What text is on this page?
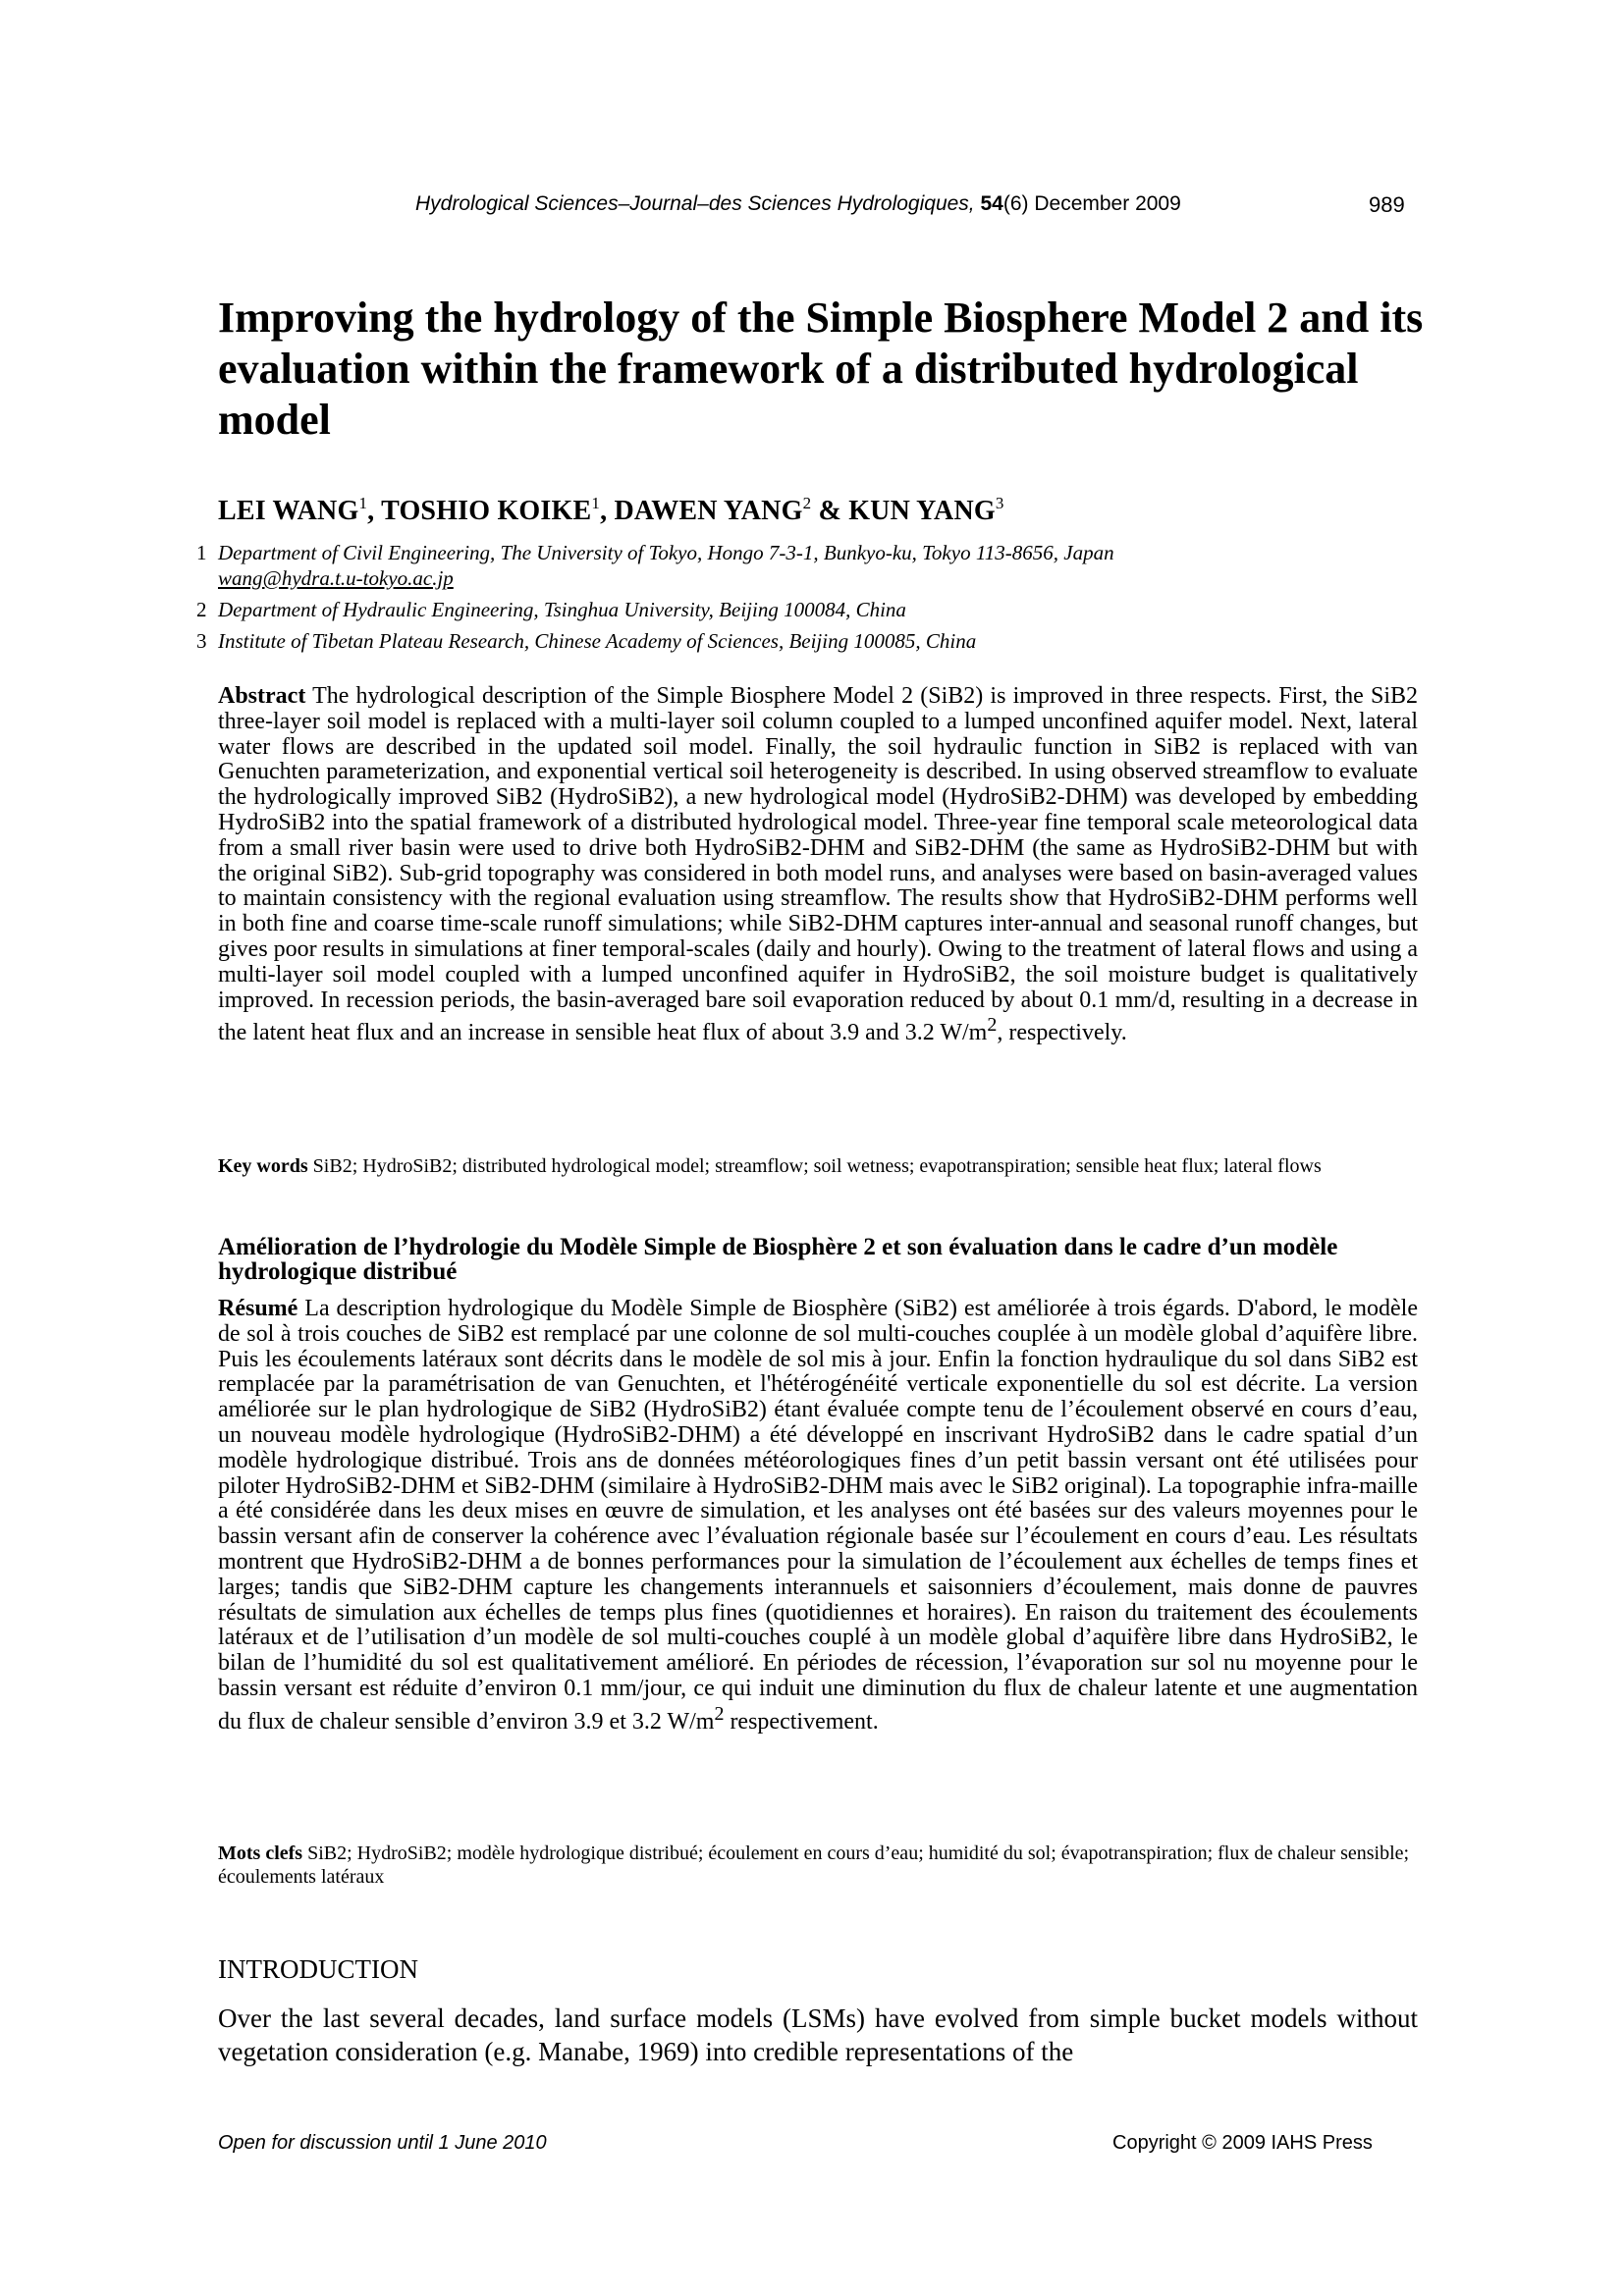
Hydrological Sciences–Journal–des Sciences Hydrologiques, 54(6) December 2009	989
Improving the hydrology of the Simple Biosphere Model 2 and its evaluation within the framework of a distributed hydrological model
LEI WANG$^1$, TOSHIO KOIKE$^1$, DAWEN YANG$^2$ & KUN YANG$^3$
1 Department of Civil Engineering, The University of Tokyo, Hongo 7-3-1, Bunkyo-ku, Tokyo 113-8656, Japan
wang@hydra.t.u-tokyo.ac.jp
2 Department of Hydraulic Engineering, Tsinghua University, Beijing 100084, China
3 Institute of Tibetan Plateau Research, Chinese Academy of Sciences, Beijing 100085, China
Abstract The hydrological description of the Simple Biosphere Model 2 (SiB2) is improved in three respects. First, the SiB2 three-layer soil model is replaced with a multi-layer soil column coupled to a lumped unconfined aquifer model. Next, lateral water flows are described in the updated soil model. Finally, the soil hydraulic function in SiB2 is replaced with van Genuchten parameterization, and exponential vertical soil heterogeneity is described. In using observed streamflow to evaluate the hydrologically improved SiB2 (HydroSiB2), a new hydrological model (HydroSiB2-DHM) was developed by embedding HydroSiB2 into the spatial framework of a distributed hydrological model. Three-year fine temporal scale meteorological data from a small river basin were used to drive both HydroSiB2-DHM and SiB2-DHM (the same as HydroSiB2-DHM but with the original SiB2). Sub-grid topography was considered in both model runs, and analyses were based on basin-averaged values to maintain consistency with the regional evaluation using streamflow. The results show that HydroSiB2-DHM performs well in both fine and coarse time-scale runoff simulations; while SiB2-DHM captures inter-annual and seasonal runoff changes, but gives poor results in simulations at finer temporal-scales (daily and hourly). Owing to the treatment of lateral flows and using a multi-layer soil model coupled with a lumped unconfined aquifer in HydroSiB2, the soil moisture budget is qualitatively improved. In recession periods, the basin-averaged bare soil evaporation reduced by about 0.1 mm/d, resulting in a decrease in the latent heat flux and an increase in sensible heat flux of about 3.9 and 3.2 $W/m^2$, respectively.
Key words SiB2; HydroSiB2; distributed hydrological model; streamflow; soil wetness; evapotranspiration; sensible heat flux; lateral flows
Amélioration de l’hydrologie du Modèle Simple de Biosphère 2 et son évaluation dans le cadre d’un modèle hydrologique distribué
Résumé La description hydrologique du Modèle Simple de Biosphère (SiB2) est améliorée à trois égards. D'abord, le modèle de sol à trois couches de SiB2 est remplacé par une colonne de sol multi-couches couplée à un modèle global d’aquifère libre. Puis les écoulements latéraux sont décrits dans le modèle de sol mis à jour. Enfin la fonction hydraulique du sol dans SiB2 est remplacée par la paramétrisation de van Genuchten, et l'hétérogénéité verticale exponentielle du sol est décrite. La version améliorée sur le plan hydrologique de SiB2 (HydroSiB2) étant évaluée compte tenu de l’écoulement observé en cours d’eau, un nouveau modèle hydrologique (HydroSiB2-DHM) a été développé en inscrivant HydroSiB2 dans le cadre spatial d’un modèle hydrologique distribué. Trois ans de données météorologiques fines d’un petit bassin versant ont été utilisées pour piloter HydroSiB2-DHM et SiB2-DHM (similaire à HydroSiB2-DHM mais avec le SiB2 original). La topographie infra-maille a été considérée dans les deux mises en œuvre de simulation, et les analyses ont été basées sur des valeurs moyennes pour le bassin versant afin de conserver la cohérence avec l’évaluation régionale basée sur l’écoulement en cours d’eau. Les résultats montrent que HydroSiB2-DHM a de bonnes performances pour la simulation de l’écoulement aux échelles de temps fines et larges; tandis que SiB2-DHM capture les changements interannuels et saisonniers d’écoulement, mais donne de pauvres résultats de simulation aux échelles de temps plus fines (quotidiennes et horaires). En raison du traitement des écoulements latéraux et de l’utilisation d’un modèle de sol multi-couches couplé à un modèle global d’aquifère libre dans HydroSiB2, le bilan de l’humidité du sol est qualitativement amélioré. En périodes de récession, l’évaporation sur sol nu moyenne pour le bassin versant est réduite d’environ 0.1 mm/jour, ce qui induit une diminution du flux de chaleur latente et une augmentation du flux de chaleur sensible d’environ 3.9 et 3.2 $W/m^2$ respectivement.
Mots clefs SiB2; HydroSiB2; modèle hydrologique distribué; écoulement en cours d’eau; humidité du sol; évapotranspiration; flux de chaleur sensible; écoulements latéraux
INTRODUCTION
Over the last several decades, land surface models (LSMs) have evolved from simple bucket models without vegetation consideration (e.g. Manabe, 1969) into credible representations of the
Open for discussion until 1 June 2010	Copyright © 2009 IAHS Press
